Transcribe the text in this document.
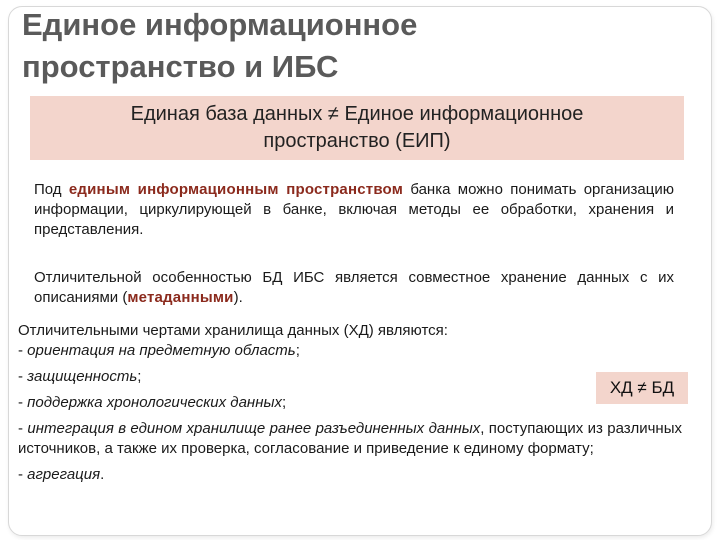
Единое информационное
пространство и ИБС
Единая база данных ≠ Единое информационное
пространство (ЕИП)
Под единым информационным пространством банка можно понимать организацию информации, циркулирующей в банке, включая методы ее обработки, хранения и представления.
Отличительной особенностью БД ИБС является совместное хранение данных с их описаниями (метаданными).
Отличительными чертами хранилища данных (ХД) являются:
- ориентация на предметную область;
- защищенность;
- поддержка хронологических данных;
- интеграция в едином хранилище ранее разъединенных данных, поступающих из различных источников, а также их проверка, согласование и приведение к единому формату;
- агрегация.
ХД ≠ БД
